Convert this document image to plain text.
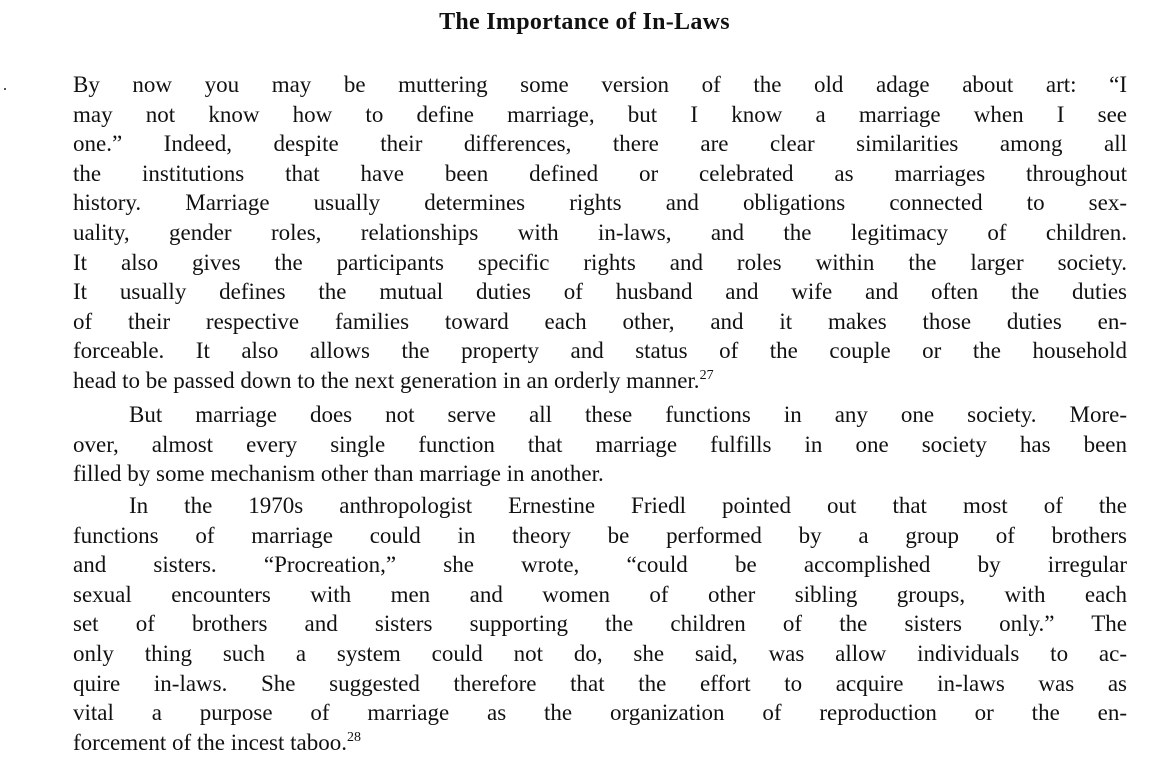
The Importance of In-Laws
By now you may be muttering some version of the old adage about art: “I
may not know how to define marriage, but I know a marriage when I see
one.” Indeed, despite their differences, there are clear similarities among all
the institutions that have been defined or celebrated as marriages throughout
history. Marriage usually determines rights and obligations connected to sex-
uality, gender roles, relationships with in-laws, and the legitimacy of children.
It also gives the participants specific rights and roles within the larger society.
It usually defines the mutual duties of husband and wife and often the duties
of their respective families toward each other, and it makes those duties en-
forceable. It also allows the property and status of the couple or the household
head to be passed down to the next generation in an orderly manner.$^{27}$
But marriage does not serve all these functions in any one society. More-
over, almost every single function that marriage fulfills in one society has been
filled by some mechanism other than marriage in another.
In the 1970s anthropologist Ernestine Friedl pointed out that most of the
functions of marriage could in theory be performed by a group of brothers
and sisters. “Procreation,” she wrote, “could be accomplished by irregular
sexual encounters with men and women of other sibling groups, with each
set of brothers and sisters supporting the children of the sisters only.” The
only thing such a system could not do, she said, was allow individuals to ac-
quire in-laws. She suggested therefore that the effort to acquire in-laws was as
vital a purpose of marriage as the organization of reproduction or the en-
forcement of the incest taboo.$^{28}$
